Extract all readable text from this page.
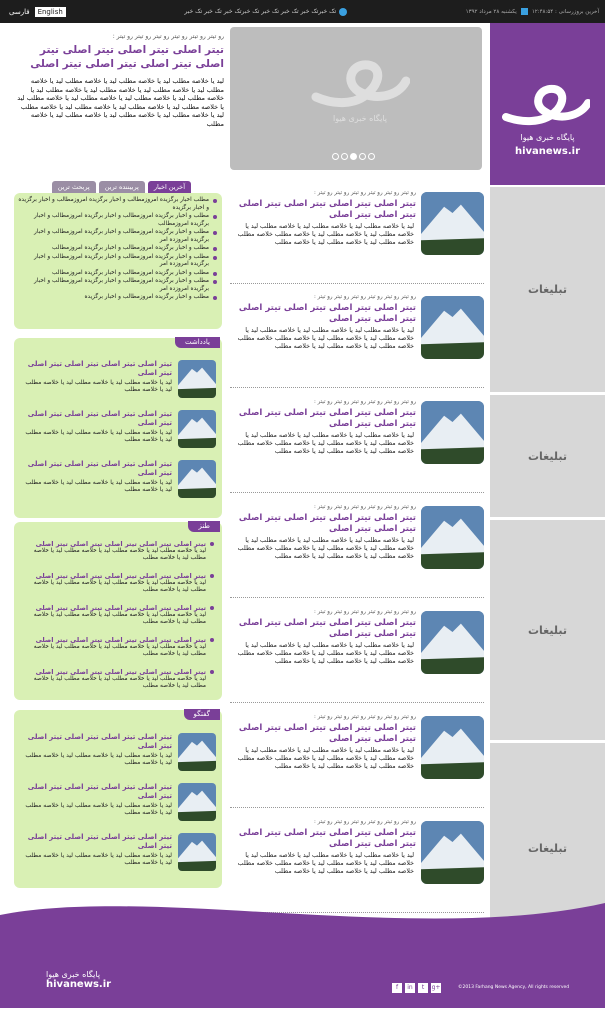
فارسی	English	تک خبرتک خبر تک خبر تک خبر تک خبرتک خبر تک خبر تک خبر	یکشنبه ۲۸ مرداد ۱۳۹۲	آخرین بروزرسانی : ۱۲:۴۸:۵۴
پایگاه خبری هیوا
hivanews.ir
پایگاه خبری هیوا
رو تیتر رو تیتر رو تیتر رو تیتر رو تیتر رو تیتر :
تیتر اصلی تیتر اصلی تیتر اصلی تیتر اصلی تیتر اصلی تیتر اصلی تیتر اصلی

لید یا خلاصه مطلب لید یا خلاصه مطلب لید یا خلاصه مطلب لید یا خلاصه مطلب لید یا خلاصه مطلب لید یا خلاصه مطلب لید یا خلاصه مطلب لید یا خلاصه مطلب لید یا خلاصه مطلب لید یا خلاصه مطلب لید یا خلاصه مطلب لید یا خلاصه مطلب لید یا خلاصه مطلب لید یا خلاصه مطلب لید یا خلاصه مطلب لید یا خلاصه مطلب لید یا خلاصه مطلب لید یا خلاصه مطلب لید یا خلاصه مطلب

تبلیغات
تبلیغات
تبلیغات
تبلیغات
رو تیتر رو تیتر رو تیتر رو تیتر رو تیتر رو تیتر :
تیتر اصلی تیتر اصلی تیتر اصلی تیتر اصلی تیتر اصلی تیتر اصلی

لید یا خلاصه مطلب لید یا خلاصه مطلب لید یا خلاصه مطلب لید یا خلاصه مطلب لید یا خلاصه مطلب لید یا خلاصه مطلب خلاصه مطلب خلاصه مطلب لید یا خلاصه مطلب لید یا خلاصه مطلب

رو تیتر رو تیتر رو تیتر رو تیتر رو تیتر رو تیتر :
تیتر اصلی تیتر اصلی تیتر اصلی تیتر اصلی تیتر اصلی تیتر اصلی

لید یا خلاصه مطلب لید یا خلاصه مطلب لید یا خلاصه مطلب لید یا خلاصه مطلب لید یا خلاصه مطلب لید یا خلاصه مطلب خلاصه مطلب خلاصه مطلب لید یا خلاصه مطلب لید یا خلاصه مطلب

رو تیتر رو تیتر رو تیتر رو تیتر رو تیتر رو تیتر :
تیتر اصلی تیتر اصلی تیتر اصلی تیتر اصلی تیتر اصلی تیتر اصلی

لید یا خلاصه مطلب لید یا خلاصه مطلب لید یا خلاصه مطلب لید یا خلاصه مطلب لید یا خلاصه مطلب لید یا خلاصه مطلب خلاصه مطلب خلاصه مطلب لید یا خلاصه مطلب لید یا خلاصه مطلب

رو تیتر رو تیتر رو تیتر رو تیتر رو تیتر رو تیتر :
تیتر اصلی تیتر اصلی تیتر اصلی تیتر اصلی تیتر اصلی تیتر اصلی

لید یا خلاصه مطلب لید یا خلاصه مطلب لید یا خلاصه مطلب لید یا خلاصه مطلب لید یا خلاصه مطلب لید یا خلاصه مطلب خلاصه مطلب خلاصه مطلب لید یا خلاصه مطلب لید یا خلاصه مطلب

رو تیتر رو تیتر رو تیتر رو تیتر رو تیتر رو تیتر :
تیتر اصلی تیتر اصلی تیتر اصلی تیتر اصلی تیتر اصلی تیتر اصلی

لید یا خلاصه مطلب لید یا خلاصه مطلب لید یا خلاصه مطلب لید یا خلاصه مطلب لید یا خلاصه مطلب لید یا خلاصه مطلب خلاصه مطلب خلاصه مطلب لید یا خلاصه مطلب لید یا خلاصه مطلب

رو تیتر رو تیتر رو تیتر رو تیتر رو تیتر رو تیتر :
تیتر اصلی تیتر اصلی تیتر اصلی تیتر اصلی تیتر اصلی تیتر اصلی

لید یا خلاصه مطلب لید یا خلاصه مطلب لید یا خلاصه مطلب لید یا خلاصه مطلب لید یا خلاصه مطلب لید یا خلاصه مطلب خلاصه مطلب خلاصه مطلب لید یا خلاصه مطلب لید یا خلاصه مطلب

رو تیتر رو تیتر رو تیتر رو تیتر رو تیتر رو تیتر :
تیتر اصلی تیتر اصلی تیتر اصلی تیتر اصلی تیتر اصلی تیتر اصلی

لید یا خلاصه مطلب لید یا خلاصه مطلب لید یا خلاصه مطلب لید یا خلاصه مطلب لید یا خلاصه مطلب لید یا خلاصه مطلب خلاصه مطلب خلاصه مطلب لید یا خلاصه مطلب لید یا خلاصه مطلب

آخرین اخبار
پربیننده ترین
پربحث ترین
مطلب اخبار برگزیده امروزمطالب و اخبار برگزیده امروزمطالب و اخبار برگزیده و اخبار برگزیده
مطلب و اخبار برگزیده امروزمطالب و اخبار برگزیده امروزمطالب و اخبار برگزیده امروزمطالب
مطلب و اخبار برگزیده امروزمطالب و اخبار برگزیده امروزمطالب و اخبار برگزیده امروزده امر
مطلب و اخبار برگزیده امروزمطالب و اخبار برگزیده امروزمطالب
مطلب و اخبار برگزیده امروزمطالب و اخبار برگزیده امروزمطالب و اخبار برگزیده امروزده امر
مطلب و اخبار برگزیده امروزمطالب و اخبار برگزیده امروزمطالب
مطلب و اخبار برگزیده امروزمطالب و اخبار برگزیده امروزمطالب و اخبار برگزیده امروزده امر
مطلب و اخبار برگزیده امروزمطالب و اخبار برگزیده
یادداشت
طنز
گفتگو
تیتر اصلی تیتر اصلی تیتر اصلی تیتر اصلی تیتر اصلی

لید یا خلاصه مطلب لید یا خلاصه مطلب لید یا خلاصه مطلب لید یا خلاصه مطلب

تیتر اصلی تیتر اصلی تیتر اصلی تیتر اصلی تیتر اصلی

لید یا خلاصه مطلب لید یا خلاصه مطلب لید یا خلاصه مطلب لید یا خلاصه مطلب

تیتر اصلی تیتر اصلی تیتر اصلی تیتر اصلی تیتر اصلی

لید یا خلاصه مطلب لید یا خلاصه مطلب لید یا خلاصه مطلب لید یا خلاصه مطلب

تیتر اصلی تیتر اصلی تیتر اصلی تیتر اصلی تیتر اصلی

لید یا خلاصه مطلب لید یا خلاصه مطلب لید یا خلاصه مطلب لید یا خلاصه مطلب

تیتر اصلی تیتر اصلی تیتر اصلی تیتر اصلی تیتر اصلی

لید یا خلاصه مطلب لید یا خلاصه مطلب لید یا خلاصه مطلب لید یا خلاصه مطلب

تیتر اصلی تیتر اصلی تیتر اصلی تیتر اصلی تیتر اصلی

لید یا خلاصه مطلب لید یا خلاصه مطلب لید یا خلاصه مطلب لید یا خلاصه مطلب

تیتر اصلی تیتر اصلی تیتر اصلی تیتر اصلی تیتر اصلی

لید یا خلاصه مطلب لید یا خلاصه مطلب لید یا خلاصه مطلب لید یا خلاصه مطلب لید یا خلاصه مطلب

تیتر اصلی تیتر اصلی تیتر اصلی تیتر اصلی تیتر اصلی

لید یا خلاصه مطلب لید یا خلاصه مطلب لید یا خلاصه مطلب لید یا خلاصه مطلب لید یا خلاصه مطلب

تیتر اصلی تیتر اصلی تیتر اصلی تیتر اصلی تیتر اصلی

لید یا خلاصه مطلب لید یا خلاصه مطلب لید یا خلاصه مطلب لید یا خلاصه مطلب لید یا خلاصه مطلب

تیتر اصلی تیتر اصلی تیتر اصلی تیتر اصلی تیتر اصلی

لید یا خلاصه مطلب لید یا خلاصه مطلب لید یا خلاصه مطلب لید یا خلاصه مطلب لید یا خلاصه مطلب

تیتر اصلی تیتر اصلی تیتر اصلی تیتر اصلی تیتر اصلی

لید یا خلاصه مطلب لید یا خلاصه مطلب لید یا خلاصه مطلب لید یا خلاصه مطلب لید یا خلاصه مطلب

پایگاه خبری هیوا
hivanews.ir	f	in	t	g+	©2013 Farhang News Agency, All rights reserved
